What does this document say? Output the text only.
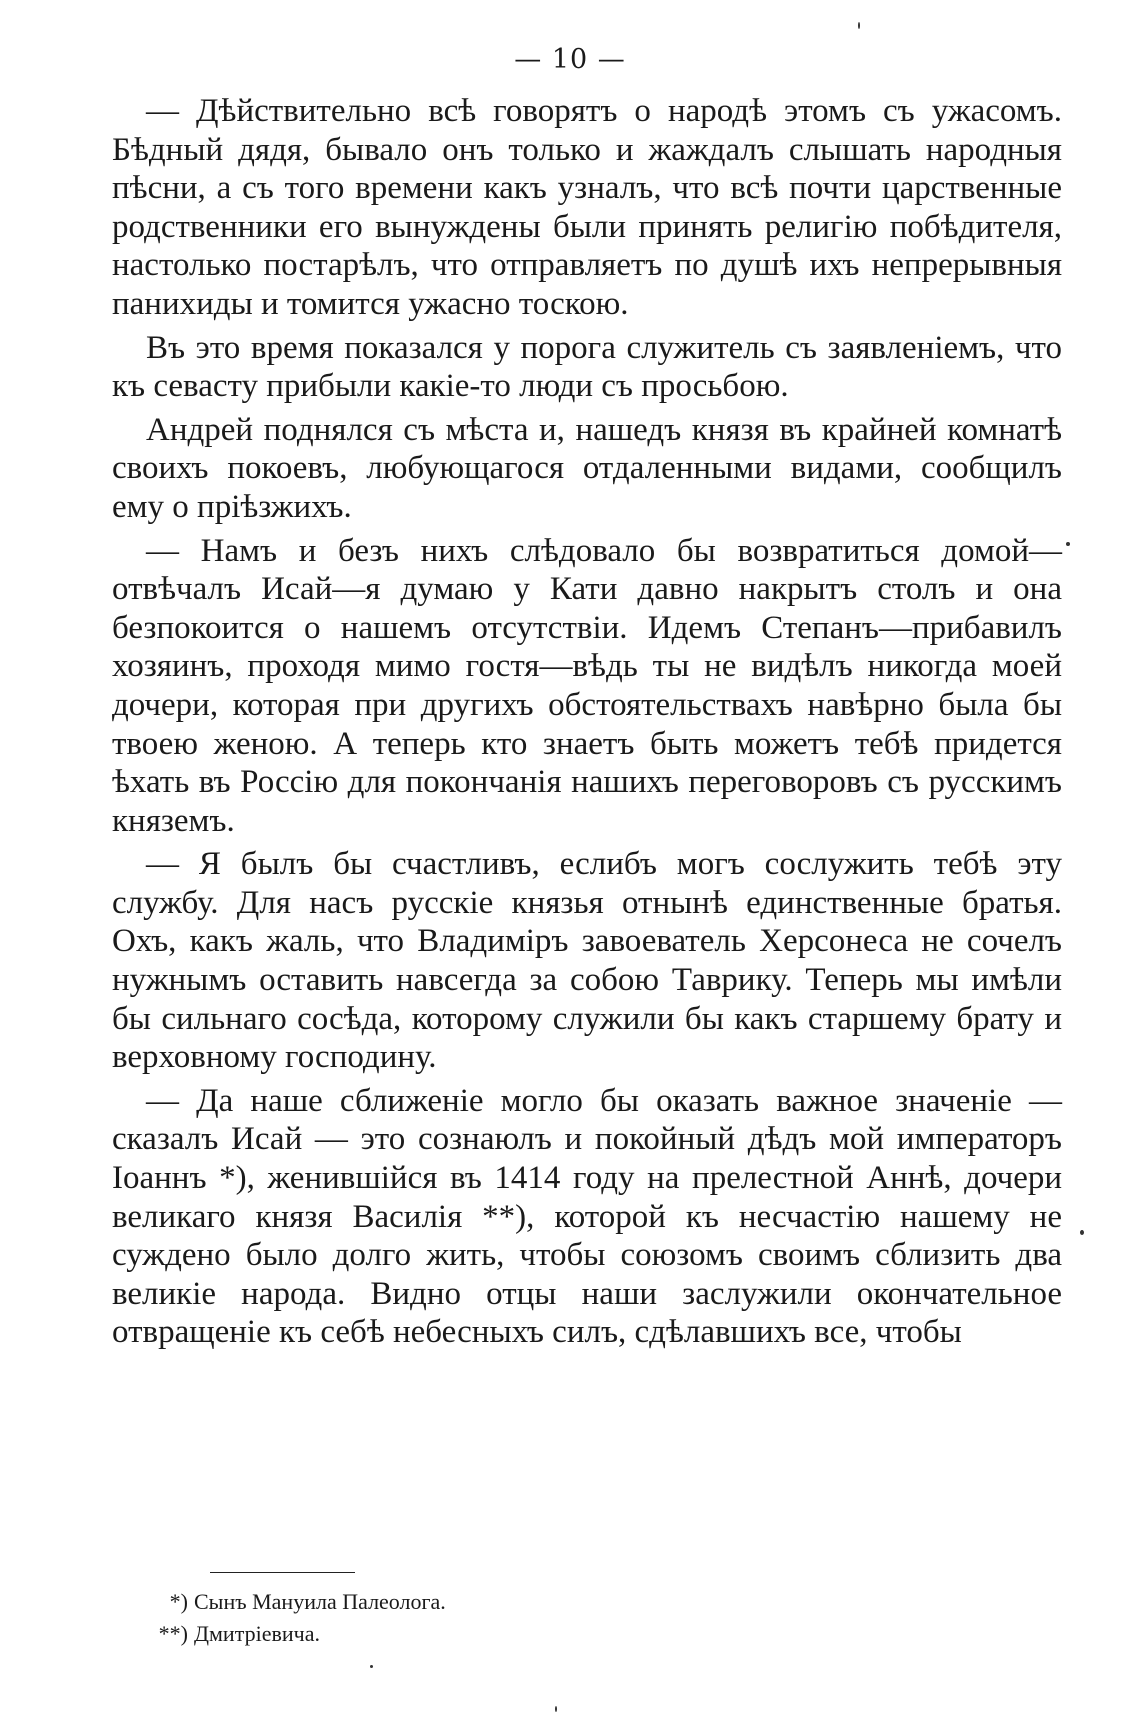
— 10 —

— Дѣйствительно всѣ говорятъ о народѣ этомъ съ ужасомъ. Бѣдный дядя, бывало онъ только и жаждалъ слышать народныя пѣсни, а съ того времени какъ узналъ, что всѣ почти царственные родственники его вынуждены были принять религію побѣдителя, настолько постарѣлъ, что отправляетъ по душѣ ихъ непрерывныя панихиды и томится ужасно тоскою.

Въ это время показался у порога служитель съ заявленіемъ, что къ севасту прибыли какіе-то люди съ просьбою.

Андрей поднялся съ мѣста и, нашедъ князя въ крайней комнатѣ своихъ покоевъ, любующагося отдаленными видами, сообщилъ ему о пріѣзжихъ.

— Намъ и безъ нихъ слѣдовало бы возвратиться домой—отвѣчалъ Исай—я думаю у Кати давно накрытъ столъ и она безпокоится о нашемъ отсутствіи. Идемъ Степанъ—прибавилъ хозяинъ, проходя мимо гостя—вѣдь ты не видѣлъ никогда моей дочери, которая при другихъ обстоятельствахъ навѣрно была бы твоею женою. А теперь кто знаетъ быть можетъ тебѣ придется ѣхать въ Россію для покончанія нашихъ переговоровъ съ русскимъ княземъ.

— Я былъ бы счастливъ, еслибъ могъ сослужить тебѣ эту службу. Для насъ русскіе князья отнынѣ единственные братья. Охъ, какъ жаль, что Владиміръ завоеватель Херсонеса не сочелъ нужнымъ оставить навсегда за собою Таврику. Теперь мы имѣли бы сильнаго сосѣда, которому служили бы какъ старшему брату и верховному господину.

— Да наше сближеніе могло бы оказать важное значеніе — сказалъ Исай — это сознаюлъ и покойный дѣдъ мой императоръ Іоаннъ *), женившійся въ 1414 году на прелестной Аннѣ, дочери великаго князя Василія **), которой къ несчастію нашему не суждено было долго жить, чтобы союзомъ своимъ сблизить два великіе народа. Видно отцы наши заслужили окончательное отвращеніе къ себѣ небесныхъ силъ, сдѣлавшихъ все, чтобы

*) Сынъ Мануила Палеолога.
**) Дмитріевича.
